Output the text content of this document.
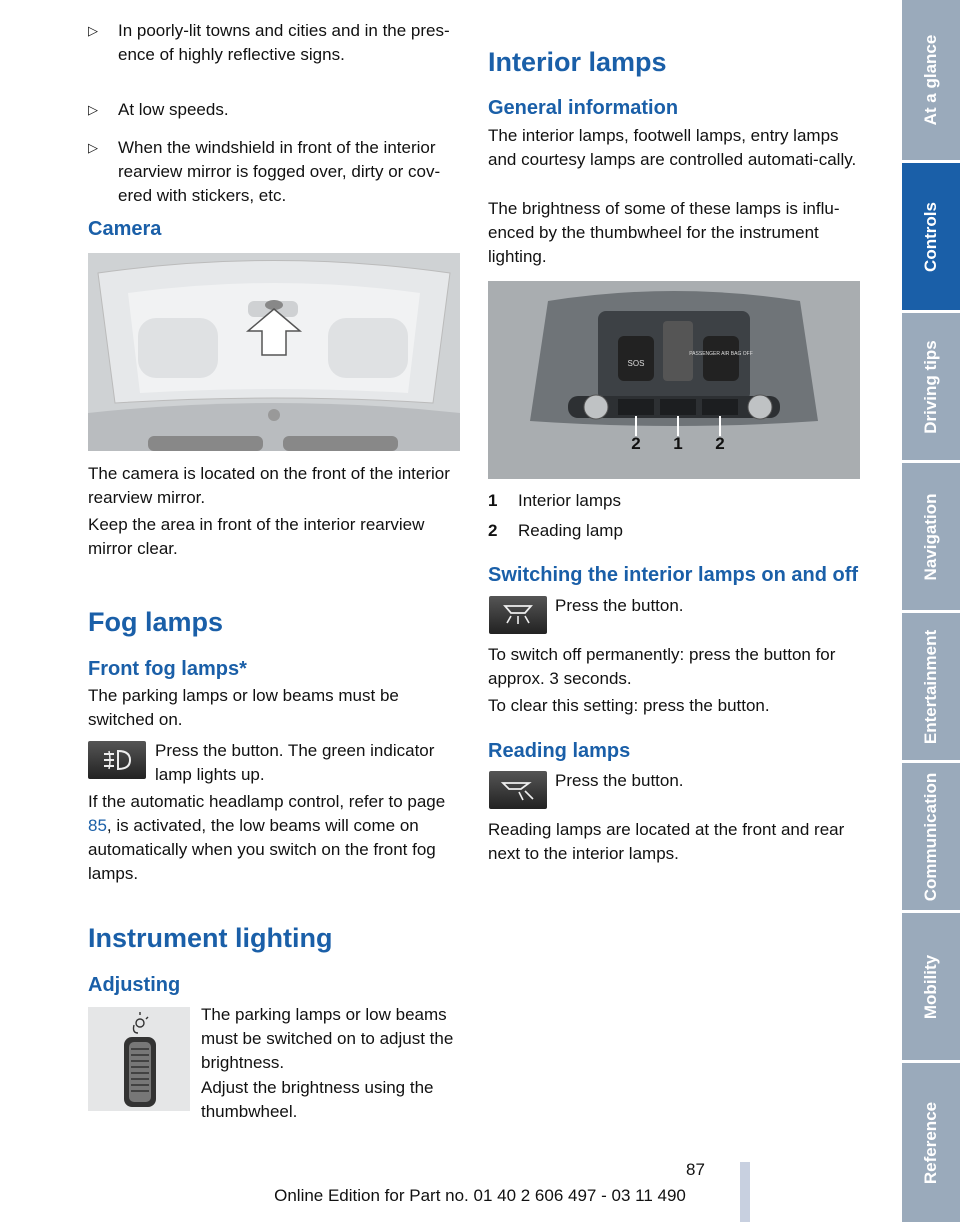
▷ In poorly-lit towns and cities and in the pres-ence of highly reflective signs.
▷ At low speeds.
▷ When the windshield in front of the interior rearview mirror is fogged over, dirty or cov-ered with stickers, etc.
Camera

The camera is located on the front of the interior rearview mirror.

Keep the area in front of the interior rearview mirror clear.

Fog lamps
Front fog lamps*

The parking lamps or low beams must be switched on.

Press the button. The green indicator lamp lights up.

If the automatic headlamp control, refer to page 85, is activated, the low beams will come on automatically when you switch on the front fog lamps.

Instrument lighting
Adjusting

The parking lamps or low beams must be switched on to adjust the brightness.

Adjust the brightness using the thumbwheel.

Interior lamps
General information

The interior lamps, footwell lamps, entry lamps and courtesy lamps are controlled automati-cally.

The brightness of some of these lamps is influ-enced by the thumbwheel for the instrument lighting.

SOS
PASSENGER AIR BAG OFF
2 1 2
1 Interior lamps
2 Reading lamp
Switching the interior lamps on and off

Press the button.

To switch off permanently: press the button for approx. 3 seconds.

To clear this setting: press the button.

Reading lamps

Press the button.

Reading lamps are located at the front and rear next to the interior lamps.

At a glance
Controls
Driving tips
Navigation
Entertainment
Communication
Mobility
Reference
87
Online Edition for Part no. 01 40 2 606 497 - 03 11 490
